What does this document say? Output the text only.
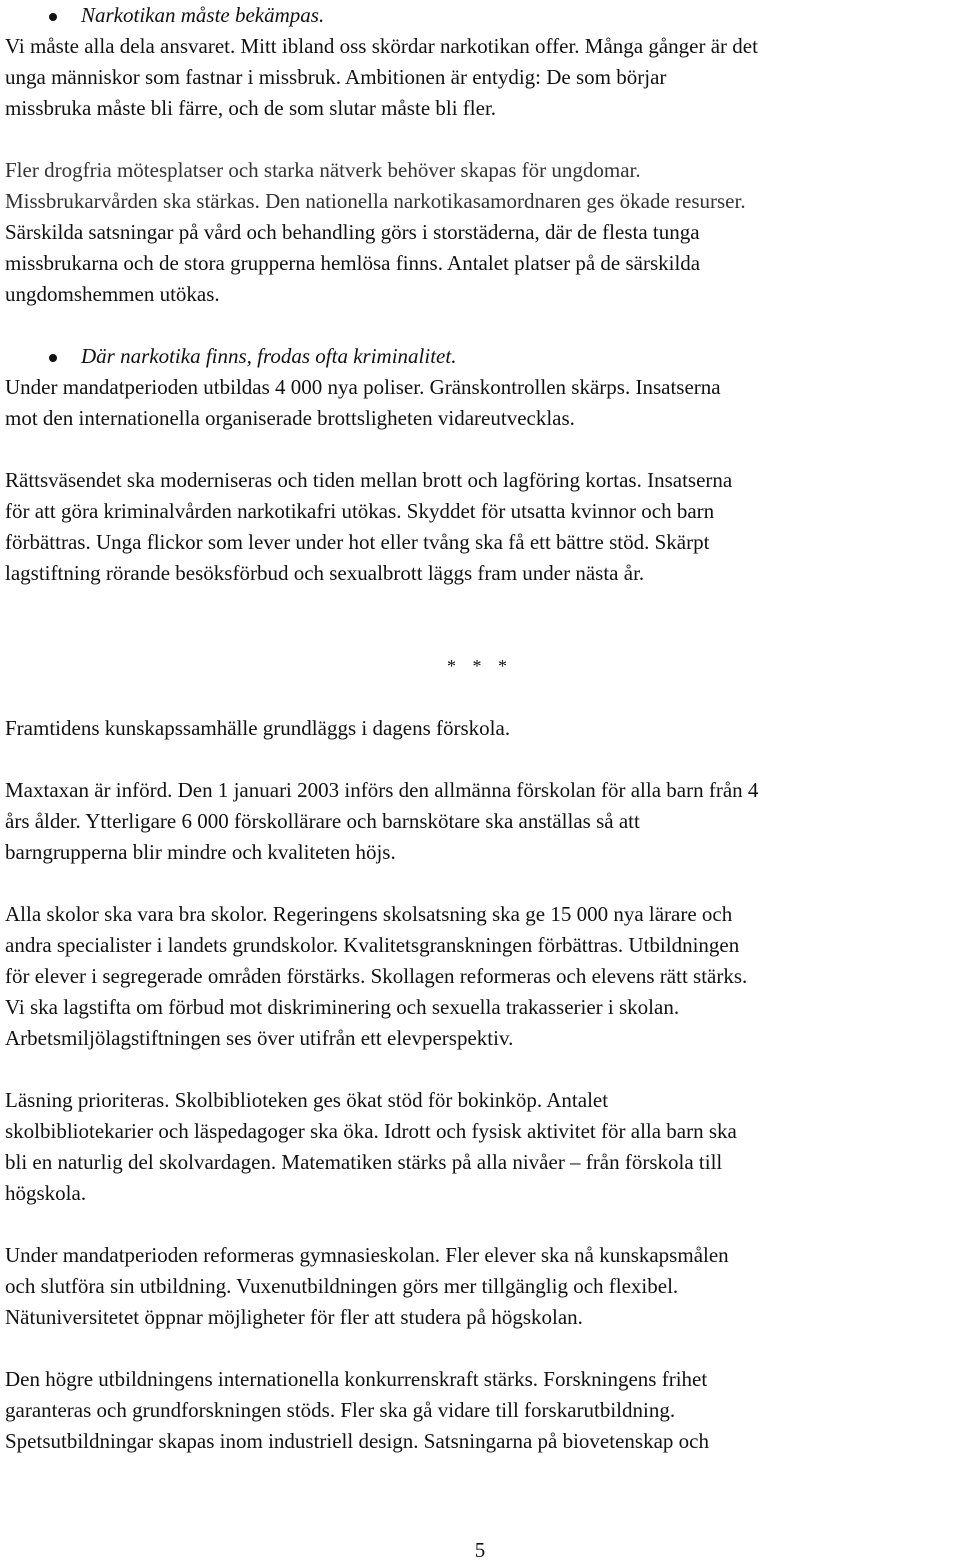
Narkotikan måste bekämpas.
Vi måste alla dela ansvaret. Mitt ibland oss skördar narkotikan offer. Många gånger är det
unga människor som fastnar i missbruk. Ambitionen är entydig: De som börjar
missbruka måste bli färre, och de som slutar måste bli fler.
Fler drogfria mötesplatser och starka nätverk behöver skapas för ungdomar.
Missbrukarvården ska stärkas. Den nationella narkotikasamordnaren ges ökade resurser.
Särskilda satsningar på vård och behandling görs i storstäderna, där de flesta tunga
missbrukarna och de stora grupperna hemlösa finns. Antalet platser på de särskilda
ungdomshemmen utökas.
Där narkotika finns, frodas ofta kriminalitet.
Under mandatperioden utbildas 4 000 nya poliser. Gränskontrollen skärps. Insatserna
mot den internationella organiserade brottsligheten vidareutvecklas.
Rättsväsendet ska moderniseras och tiden mellan brott och lagföring kortas. Insatserna
för att göra kriminalvården narkotikafri utökas. Skyddet för utsatta kvinnor och barn
förbättras. Unga flickor som lever under hot eller tvång ska få ett bättre stöd. Skärpt
lagstiftning rörande besöksförbud och sexualbrott läggs fram under nästa år.
* * *
Framtidens kunskapssamhälle grundläggs i dagens förskola.
Maxtaxan är införd. Den 1 januari 2003 införs den allmänna förskolan för alla barn från 4
års ålder. Ytterligare 6 000 förskollärare och barnskötare ska anställas så att
barngrupperna blir mindre och kvaliteten höjs.
Alla skolor ska vara bra skolor. Regeringens skolsatsning ska ge 15 000 nya lärare och
andra specialister i landets grundskolor. Kvalitetsgranskningen förbättras. Utbildningen
för elever i segregerade områden förstärks. Skollagen reformeras och elevens rätt stärks.
Vi ska lagstifta om förbud mot diskriminering och sexuella trakasserier i skolan.
Arbetsmiljölagstiftningen ses över utifrån ett elevperspektiv.
Läsning prioriteras. Skolbiblioteken ges ökat stöd för bokinköp. Antalet
skolbibliotekarier och läspedagoger ska öka. Idrott och fysisk aktivitet för alla barn ska
bli en naturlig del skolvardagen. Matematiken stärks på alla nivåer – från förskola till
högskola.
Under mandatperioden reformeras gymnasieskolan. Fler elever ska nå kunskapsmålen
och slutföra sin utbildning. Vuxenutbildningen görs mer tillgänglig och flexibel.
Nätuniversitetet öppnar möjligheter för fler att studera på högskolan.
Den högre utbildningens internationella konkurrenskraft stärks. Forskningens frihet
garanteras och grundforskningen stöds. Fler ska gå vidare till forskarutbildning.
Spetsutbildningar skapas inom industriell design. Satsningarna på biovetenskap och
5
